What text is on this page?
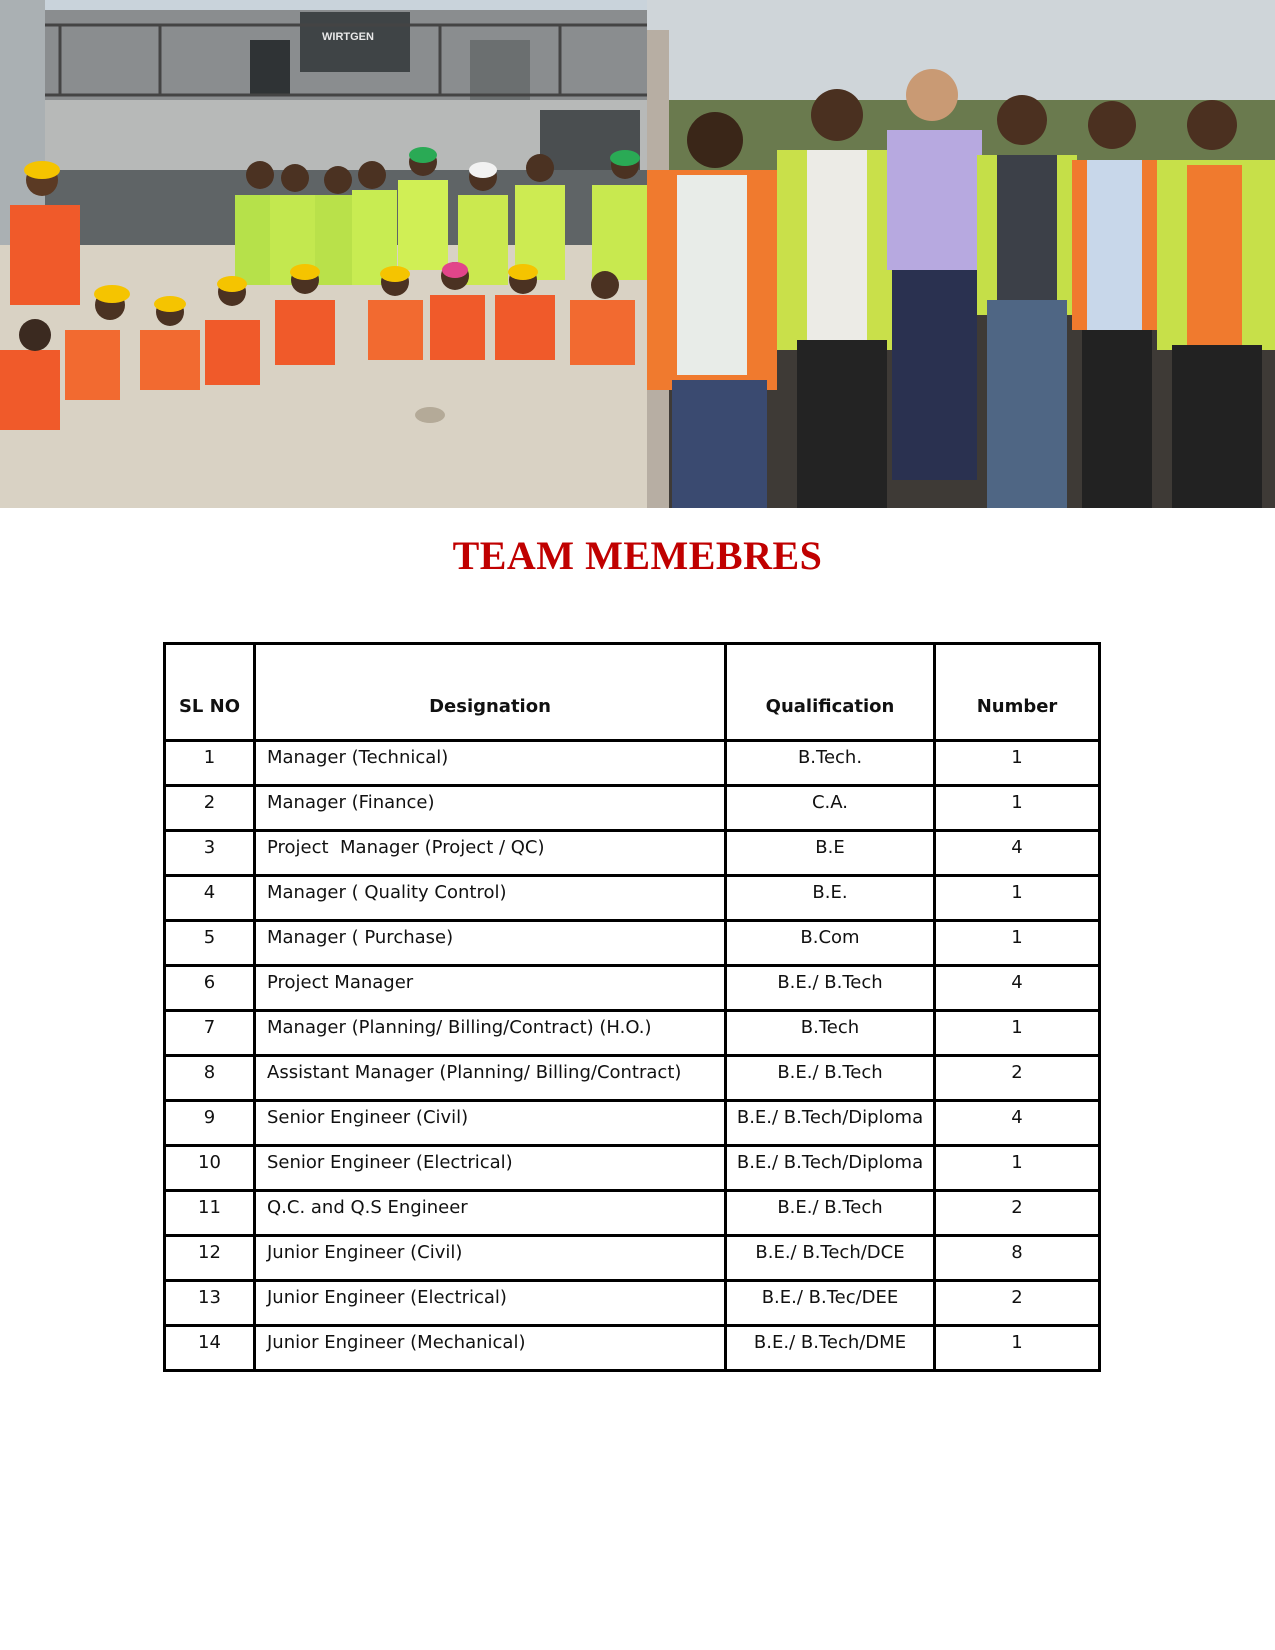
WIRTGEN
TEAM MEMEBRES
SL NO	Designation	Qualification	Number
1	Manager (Technical)	B.Tech.	1
2	Manager (Finance)	C.A.	1
3	Project  Manager (Project / QC)	B.E	4
4	Manager ( Quality Control)	B.E.	1
5	Manager ( Purchase)	B.Com	1
6	Project Manager	B.E./ B.Tech	4
7	Manager (Planning/ Billing/Contract) (H.O.)	B.Tech	1
8	Assistant Manager (Planning/ Billing/Contract)	B.E./ B.Tech	2
9	Senior Engineer (Civil)	B.E./ B.Tech/Diploma	4
10	Senior Engineer (Electrical)	B.E./ B.Tech/Diploma	1
11	Q.C. and Q.S Engineer	B.E./ B.Tech	2
12	Junior Engineer (Civil)	B.E./ B.Tech/DCE	8
13	Junior Engineer (Electrical)	B.E./ B.Tec/DEE	2
14	Junior Engineer (Mechanical)	B.E./ B.Tech/DME	1
